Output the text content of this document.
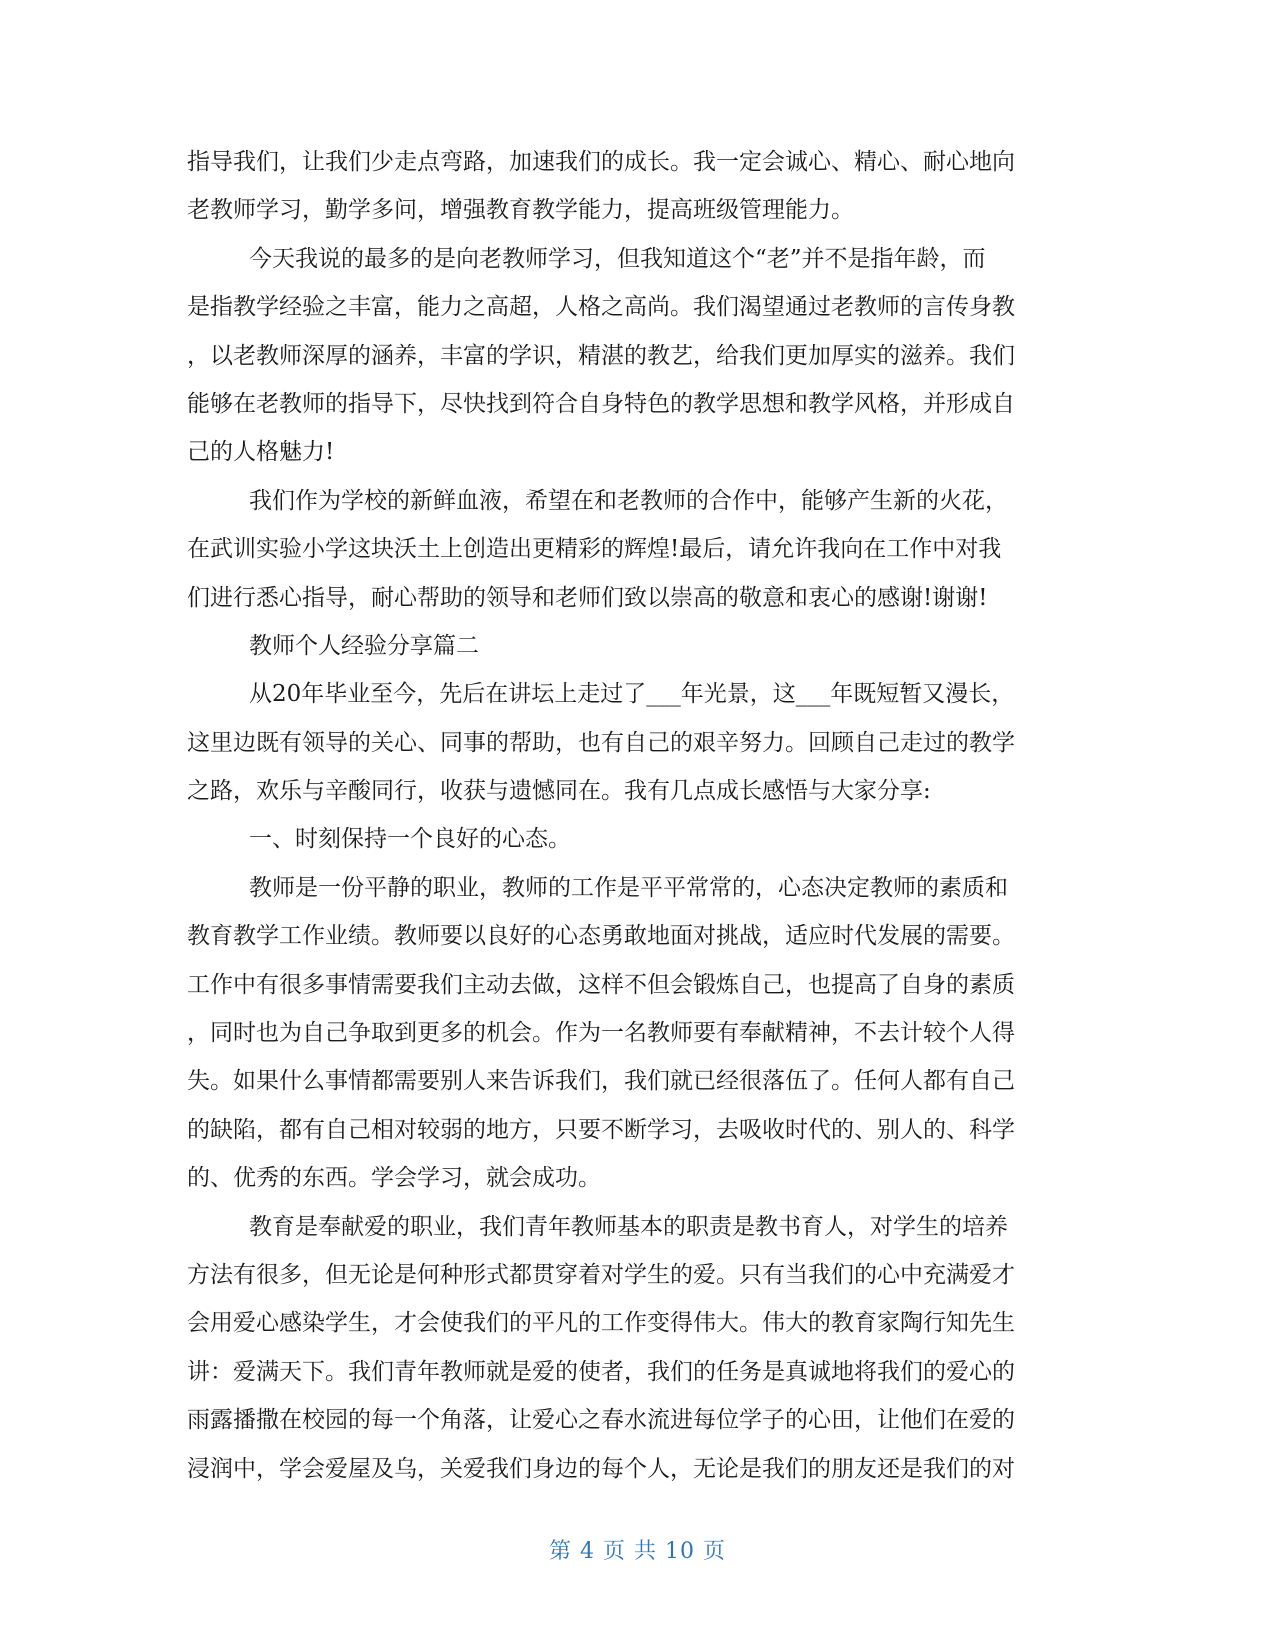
指导我们，让我们少走点弯路，加速我们的成长。我一定会诚心、精心、耐心地向
老教师学习，勤学多问，增强教育教学能力，提高班级管理能力。
今天我说的最多的是向老教师学习，但我知道这个“老”并不是指年龄，而
是指教学经验之丰富，能力之高超，人格之高尚。我们渴望通过老教师的言传身教
，以老教师深厚的涵养，丰富的学识，精湛的教艺，给我们更加厚实的滋养。我们
能够在老教师的指导下，尽快找到符合自身特色的教学思想和教学风格，并形成自
己的人格魅力!
我们作为学校的新鲜血液，希望在和老教师的合作中，能够产生新的火花，
在武训实验小学这块沃土上创造出更精彩的辉煌!最后，请允许我向在工作中对我
们进行悉心指导，耐心帮助的领导和老师们致以崇高的敬意和衷心的感谢!谢谢!
教师个人经验分享篇二
从20年毕业至今，先后在讲坛上走过了___年光景，这___年既短暂又漫长，
这里边既有领导的关心、同事的帮助，也有自己的艰辛努力。回顾自己走过的教学
之路，欢乐与辛酸同行，收获与遗憾同在。我有几点成长感悟与大家分享:
一、时刻保持一个良好的心态。
教师是一份平静的职业，教师的工作是平平常常的，心态决定教师的素质和
教育教学工作业绩。教师要以良好的心态勇敢地面对挑战，适应时代发展的需要。
工作中有很多事情需要我们主动去做，这样不但会锻炼自己，也提高了自身的素质
，同时也为自己争取到更多的机会。作为一名教师要有奉献精神，不去计较个人得
失。如果什么事情都需要别人来告诉我们，我们就已经很落伍了。任何人都有自己
的缺陷，都有自己相对较弱的地方，只要不断学习，去吸收时代的、别人的、科学
的、优秀的东西。学会学习，就会成功。
教育是奉献爱的职业，我们青年教师基本的职责是教书育人，对学生的培养
方法有很多，但无论是何种形式都贯穿着对学生的爱。只有当我们的心中充满爱才
会用爱心感染学生，才会使我们的平凡的工作变得伟大。伟大的教育家陶行知先生
讲：爱满天下。我们青年教师就是爱的使者，我们的任务是真诚地将我们的爱心的
雨露播撒在校园的每一个角落，让爱心之春水流进每位学子的心田，让他们在爱的
浸润中，学会爱屋及乌，关爱我们身边的每个人，无论是我们的朋友还是我们的对
第 4 页 共 10 页
